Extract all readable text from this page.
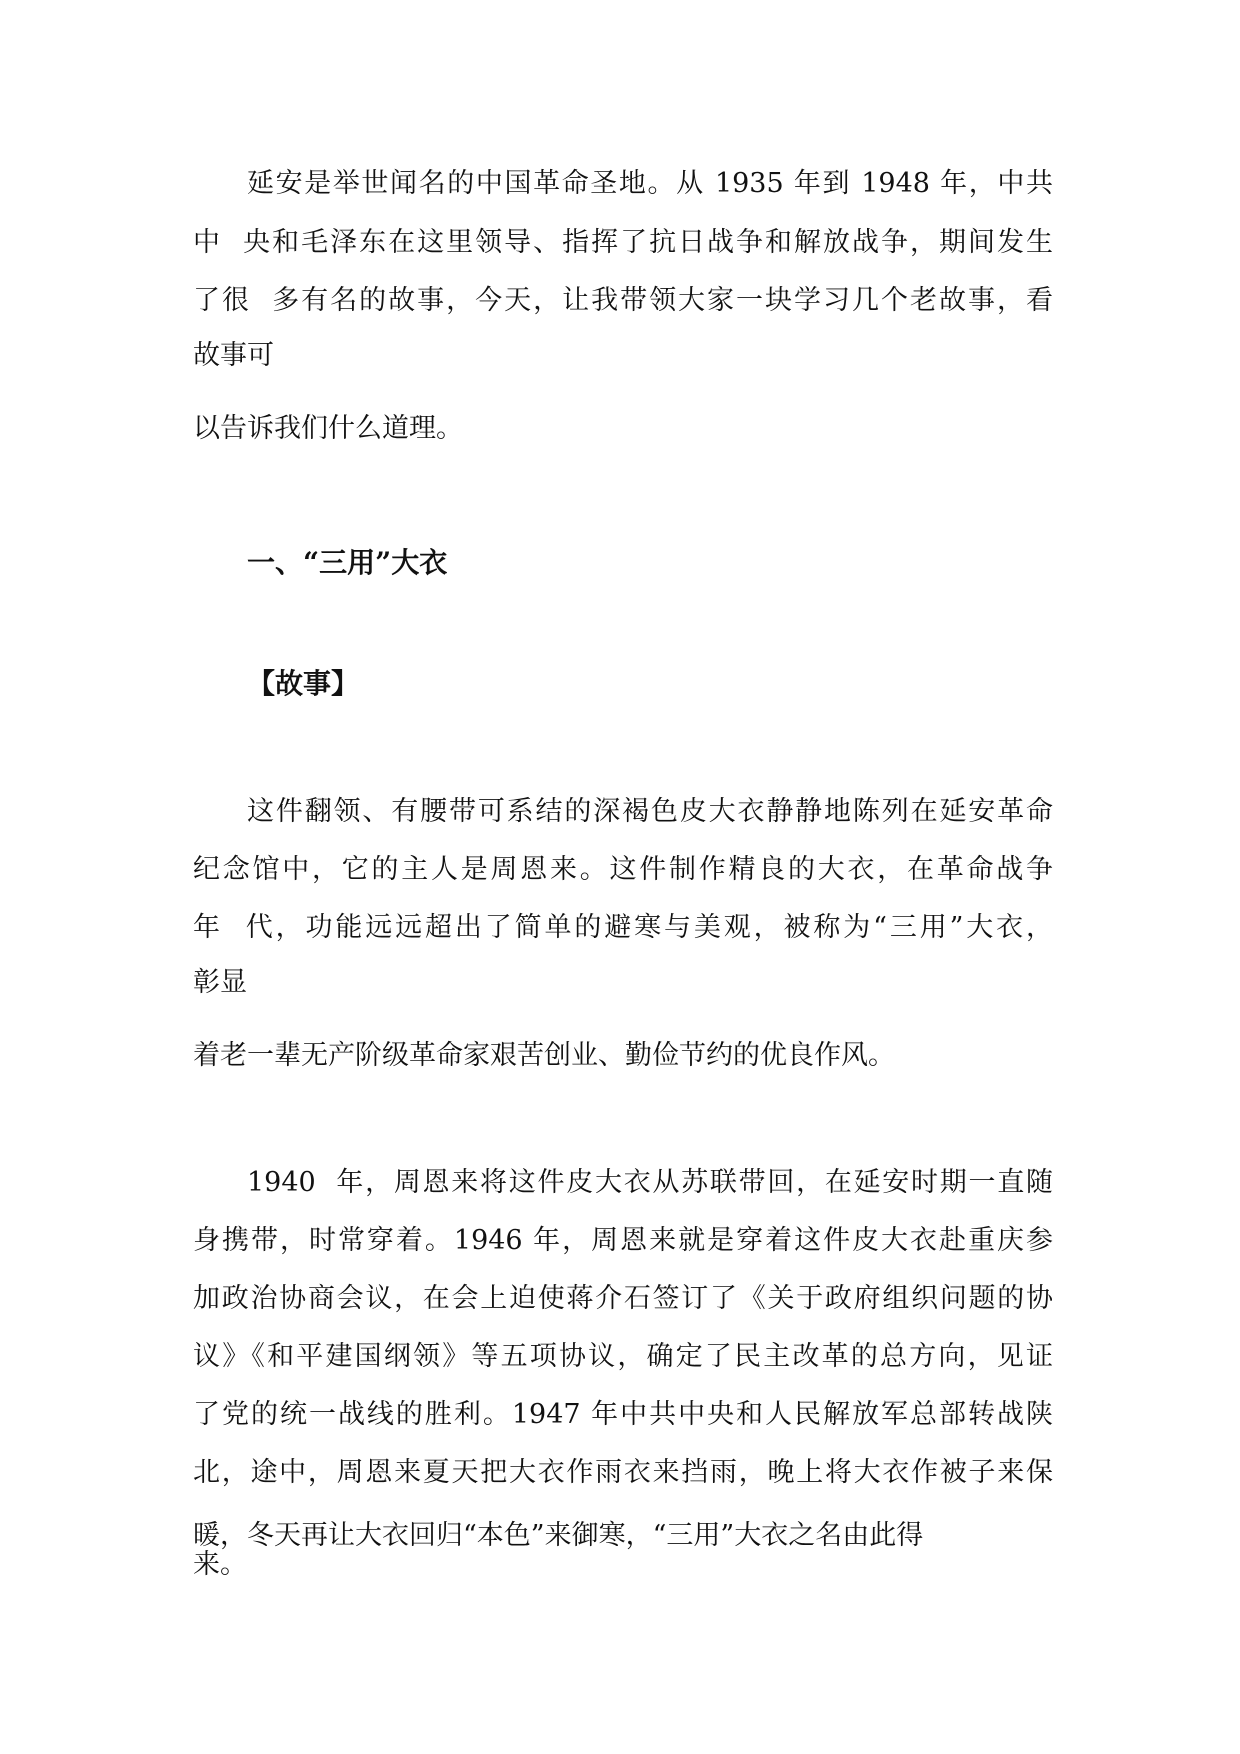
延安是举世闻名的中国革命圣地。从 1935 年到 1948 年，中共

中  央和毛泽东在这里领导、指挥了抗日战争和解放战争，期间发生

了很  多有名的故事，今天，让我带领大家一块学习几个老故事，看

故事可

以告诉我们什么道理。

一、“三用”大衣
【故事】

这件翻领、有腰带可系结的深褐色皮大衣静静地陈列在延安革命

纪念馆中，它的主人是周恩来。这件制作精良的大衣，在革命战争

年  代，功能远远超出了简单的避寒与美观，被称为“三用”大衣，

彰显

着老一辈无产阶级革命家艰苦创业、勤俭节约的优良作风。

1940  年，周恩来将这件皮大衣从苏联带回，在延安时期一直随

身携带，时常穿着。1946 年，周恩来就是穿着这件皮大衣赴重庆参

加政治协商会议，在会上迫使蒋介石签订了《关于政府组织问题的协

议》《和平建国纲领》等五项协议，确定了民主改革的总方向，见证

了党的统一战线的胜利。1947 年中共中央和人民解放军总部转战陕

北，途中，周恩来夏天把大衣作雨衣来挡雨，晚上将大衣作被子来保

暖，冬天再让大衣回归“本色”来御寒，“三用”大衣之名由此得

来。
